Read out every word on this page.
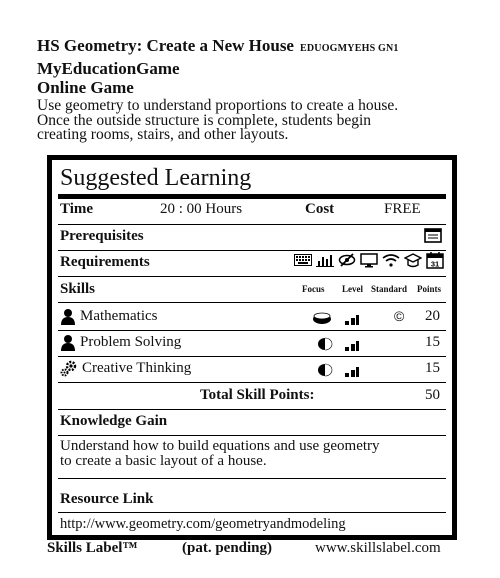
HS Geometry: Create a New House EDUOGMYEHS GN1
MyEducationGame
Online Game
Use geometry to understand proportions to create a house.
Once the outside structure is complete, students begin
creating rooms, stairs, and other layouts.
Suggested Learning
Time	20 : 00 Hours	Cost	FREE
Prerequisites
Requirements	31
Skills	Focus Level Standard Points
Mathematics	© 20
Problem Solving	15
Creative Thinking	15
Total Skill Points:	50
Knowledge Gain
Understand how to build equations and use geometry
to create a basic layout of a house.
Resource Link
http://www.geometry.com/geometryandmodeling
Skills Label™	(pat. pending)	www.skillslabel.com
